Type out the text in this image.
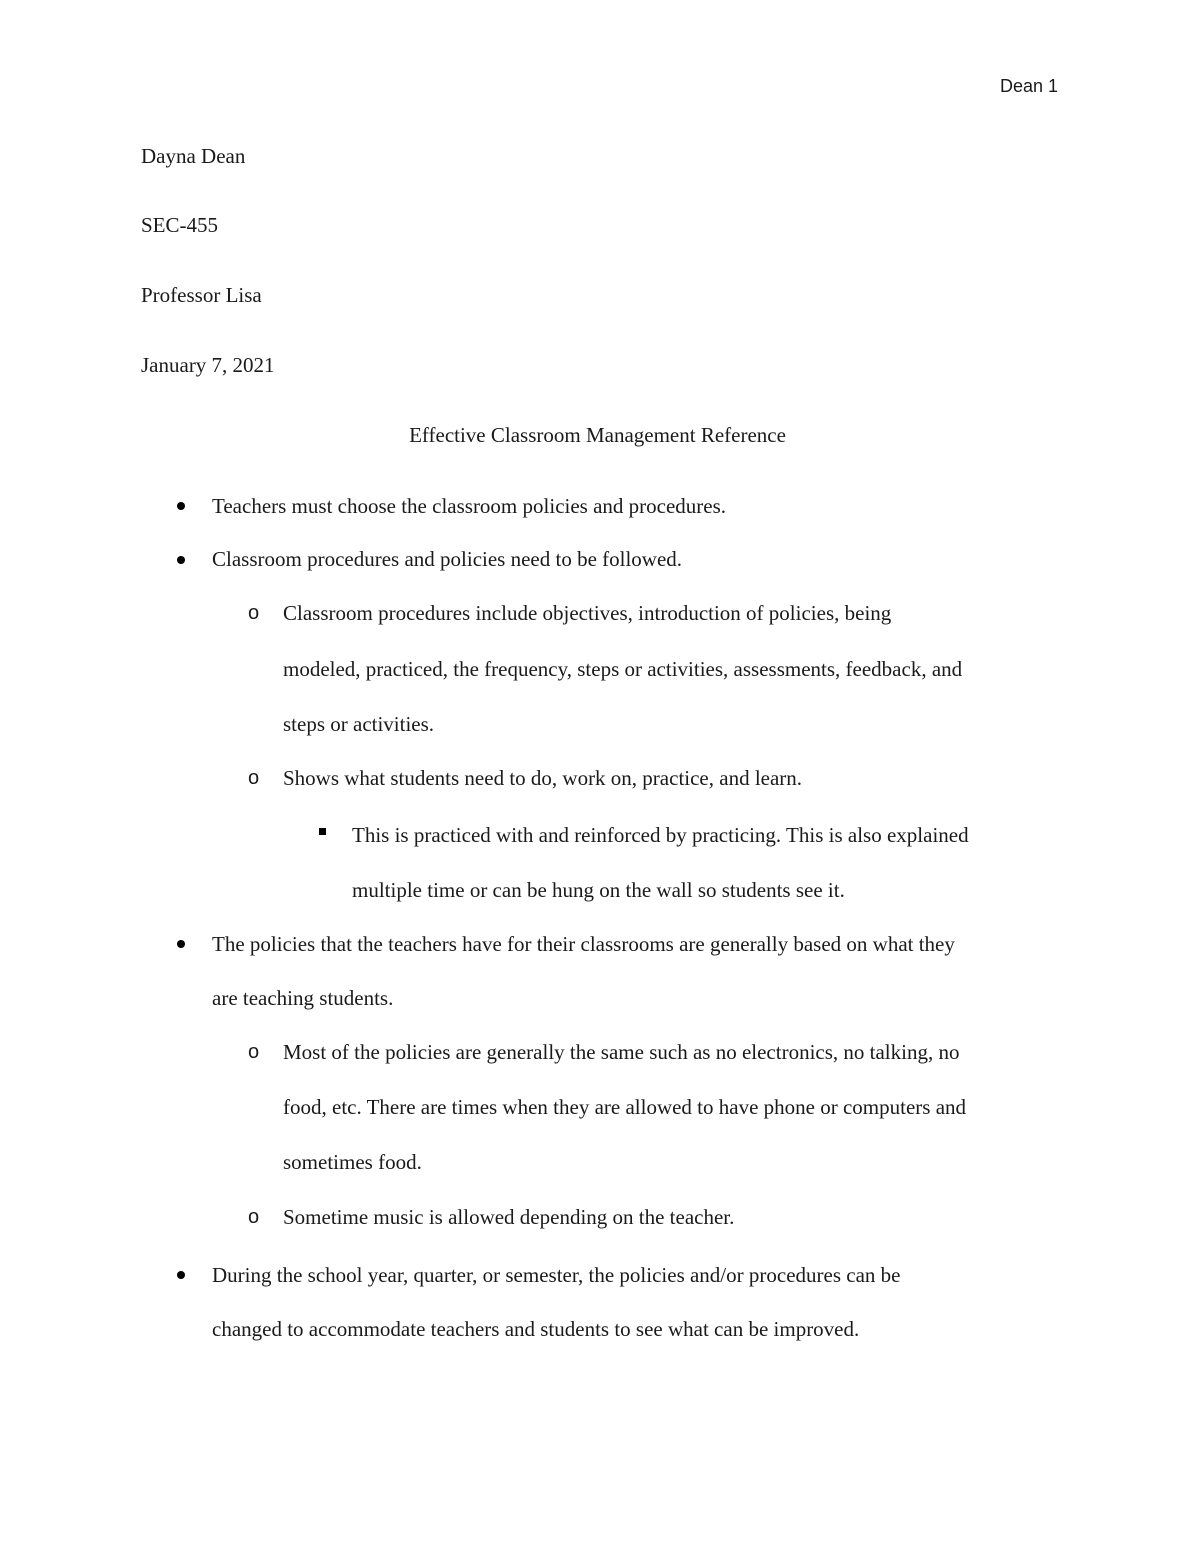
Dean 1
Dayna Dean
SEC-455
Professor Lisa
January 7, 2021
Effective Classroom Management Reference
Teachers must choose the classroom policies and procedures.
Classroom procedures and policies need to be followed.
o Classroom procedures include objectives, introduction of policies, being
modeled, practiced, the frequency, steps or activities, assessments, feedback, and
steps or activities.
o Shows what students need to do, work on, practice, and learn.
This is practiced with and reinforced by practicing. This is also explained
multiple time or can be hung on the wall so students see it.
The policies that the teachers have for their classrooms are generally based on what they
are teaching students.
o Most of the policies are generally the same such as no electronics, no talking, no
food, etc. There are times when they are allowed to have phone or computers and
sometimes food.
o Sometime music is allowed depending on the teacher.
During the school year, quarter, or semester, the policies and/or procedures can be
changed to accommodate teachers and students to see what can be improved.
